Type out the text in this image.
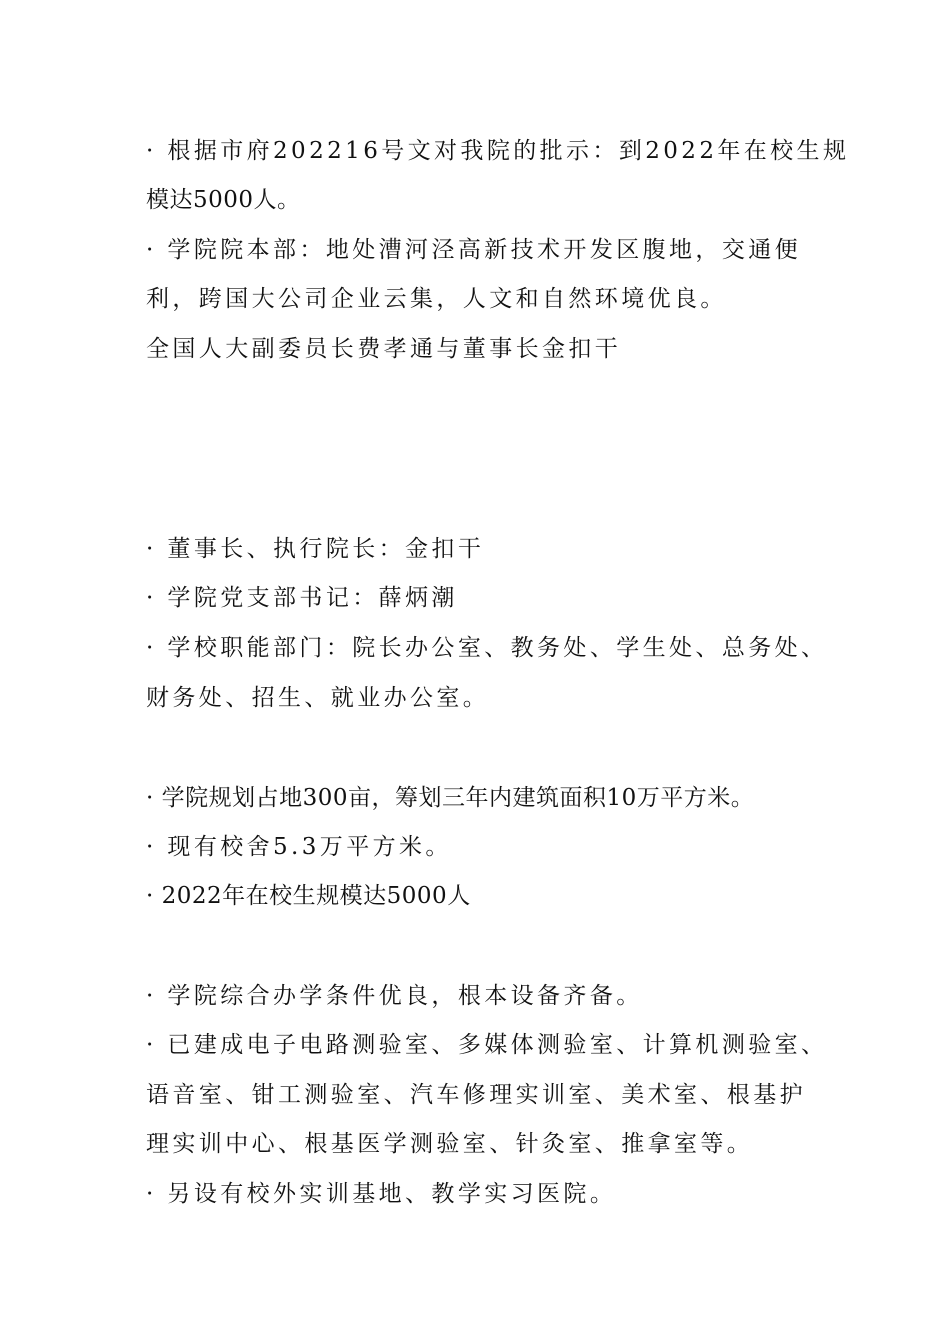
· 根据市府202216号文对我院的批示：到2022年在校生规
模达5000人。
· 学院院本部：地处漕河泾高新技术开发区腹地，交通便
利，跨国大公司企业云集，人文和自然环境优良。
全国人大副委员长费孝通与董事长金扣干
· 董事长、执行院长：金扣干
· 学院党支部书记：薛炳潮
· 学校职能部门：院长办公室、教务处、学生处、总务处、
财务处、招生、就业办公室。
· 学院规划占地300亩，筹划三年内建筑面积10万平方米。
· 现有校舍5.3万平方米。
· 2022年在校生规模达5000人
· 学院综合办学条件优良，根本设备齐备。
· 已建成电子电路测验室、多媒体测验室、计算机测验室、
语音室、钳工测验室、汽车修理实训室、美术室、根基护
理实训中心、根基医学测验室、针灸室、推拿室等。
· 另设有校外实训基地、教学实习医院。
